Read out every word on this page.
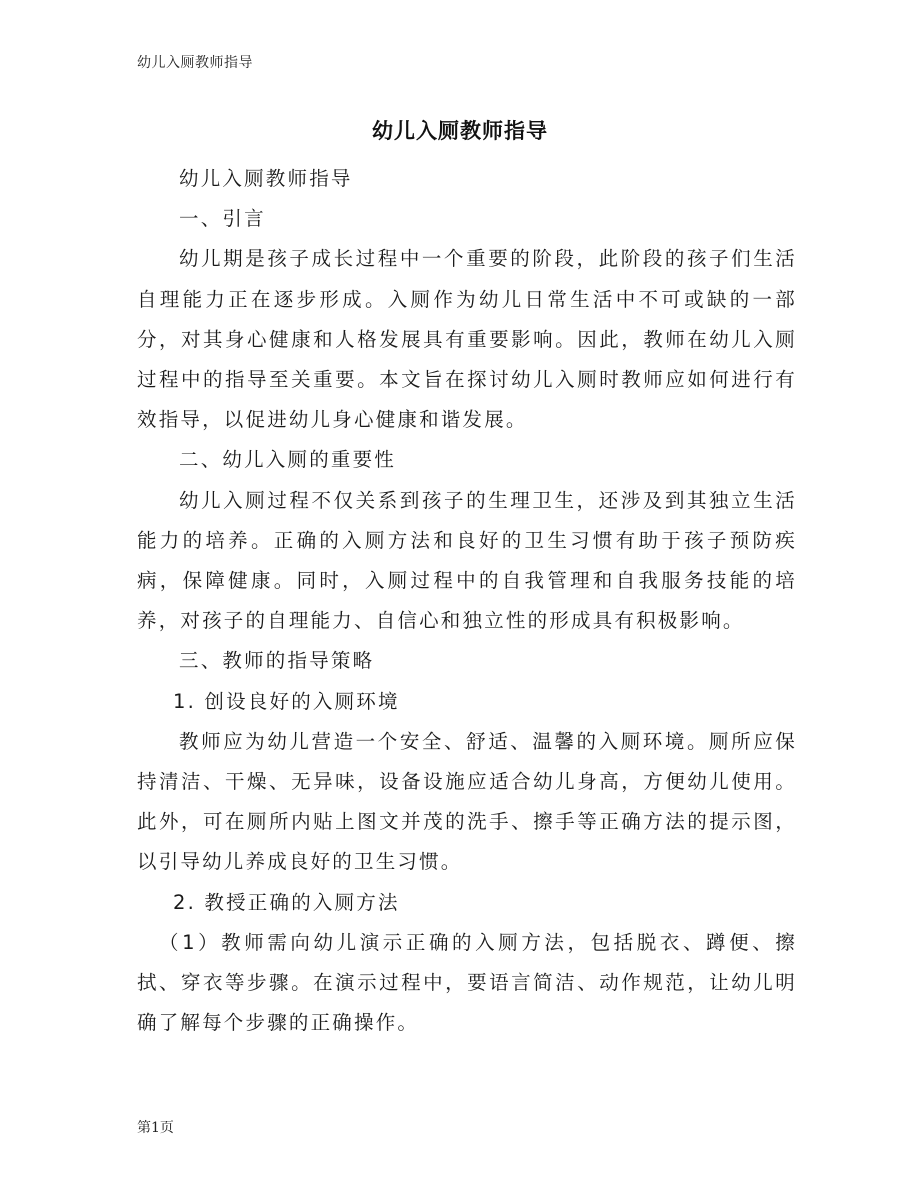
幼儿入厕教师指导
幼儿入厕教师指导

幼儿入厕教师指导

一、引言

幼儿期是孩子成长过程中一个重要的阶段，此阶段的孩子们生活自理能力正在逐步形成。入厕作为幼儿日常生活中不可或缺的一部分，对其身心健康和人格发展具有重要影响。因此，教师在幼儿入厕过程中的指导至关重要。本文旨在探讨幼儿入厕时教师应如何进行有效指导，以促进幼儿身心健康和谐发展。

二、幼儿入厕的重要性

幼儿入厕过程不仅关系到孩子的生理卫生，还涉及到其独立生活能力的培养。正确的入厕方法和良好的卫生习惯有助于孩子预防疾病，保障健康。同时，入厕过程中的自我管理和自我服务技能的培养，对孩子的自理能力、自信心和独立性的形成具有积极影响。

三、教师的指导策略

1. 创设良好的入厕环境

教师应为幼儿营造一个安全、舒适、温馨的入厕环境。厕所应保持清洁、干燥、无异味，设备设施应适合幼儿身高，方便幼儿使用。此外，可在厕所内贴上图文并茂的洗手、擦手等正确方法的提示图，以引导幼儿养成良好的卫生习惯。

2. 教授正确的入厕方法

（1）教师需向幼儿演示正确的入厕方法，包括脱衣、蹲便、擦拭、穿衣等步骤。在演示过程中，要语言简洁、动作规范，让幼儿明确了解每个步骤的正确操作。

第1页
